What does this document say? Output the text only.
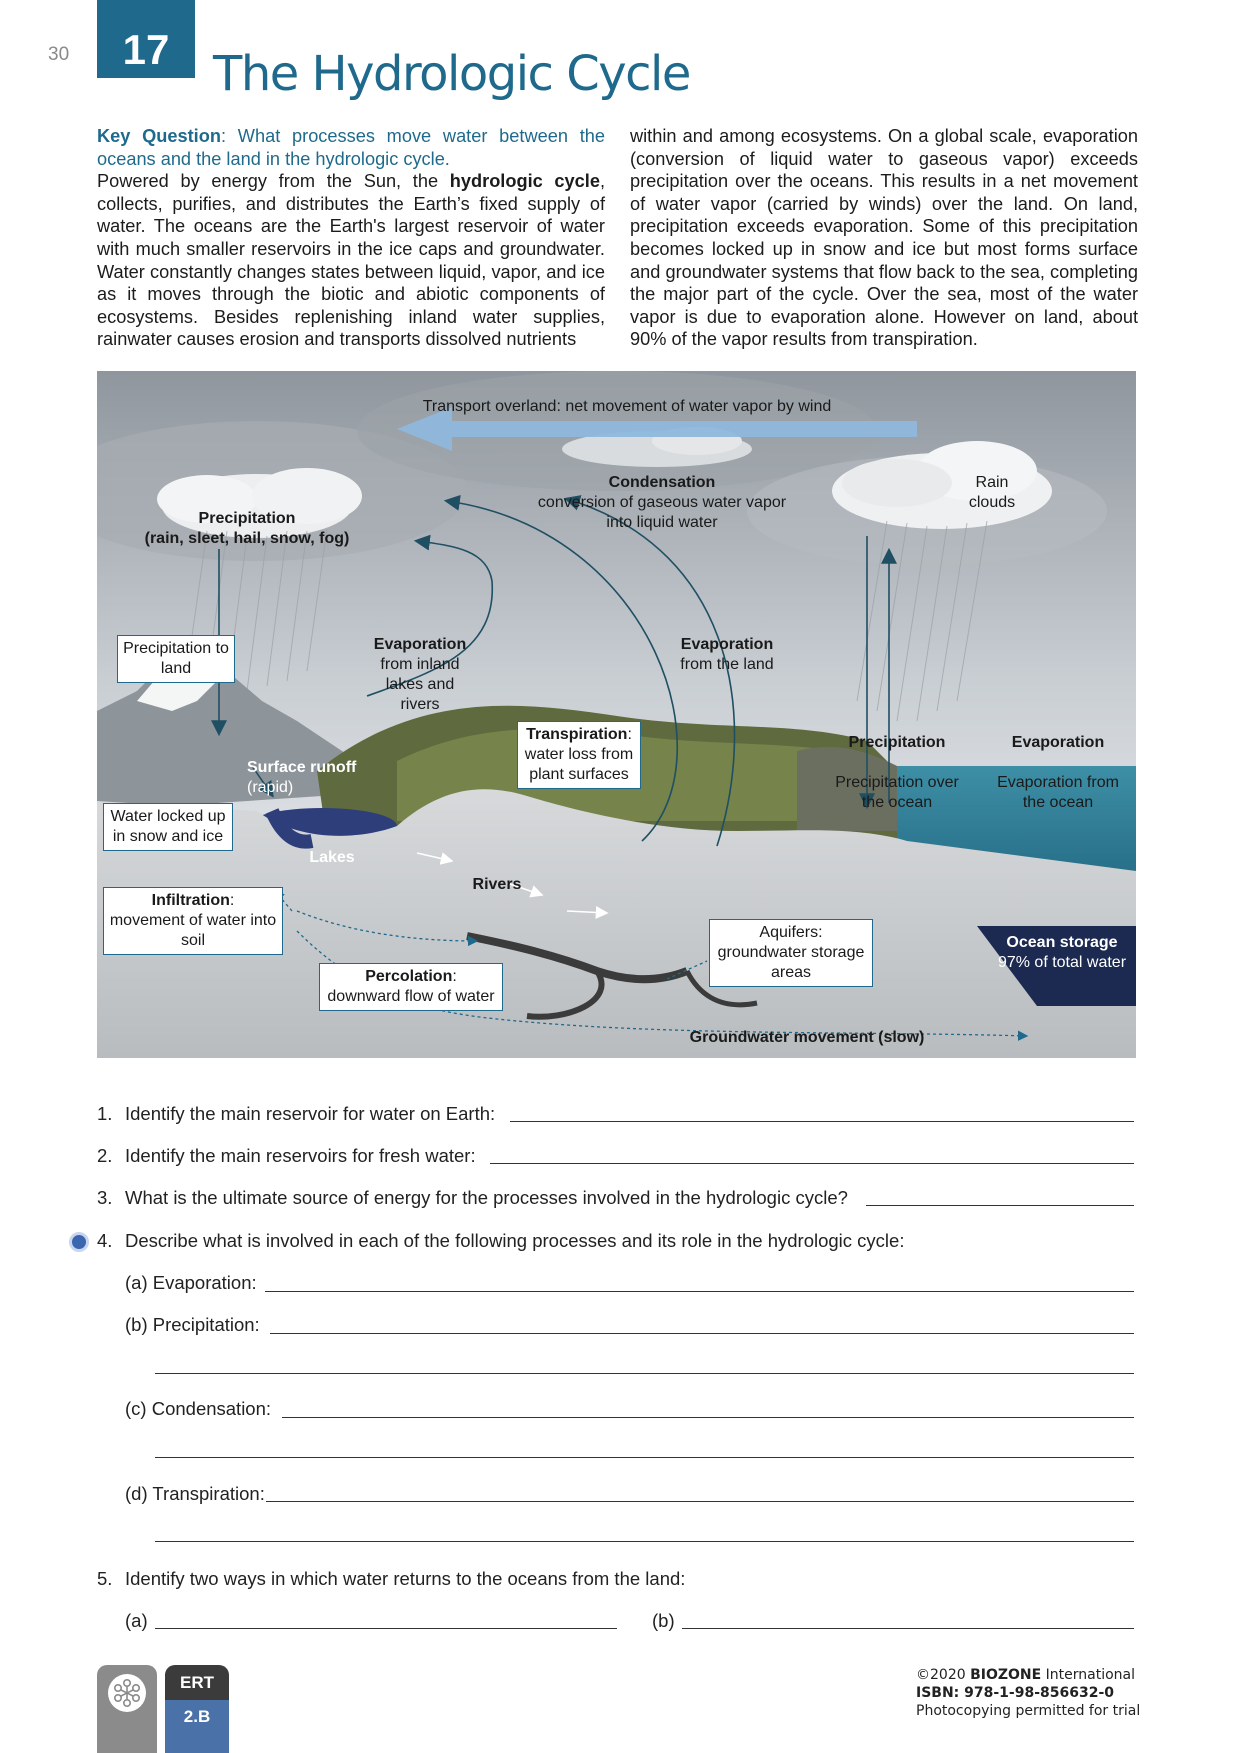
30	17 The Hydrologic Cycle
Key Question: What processes move water between the oceans and the land in the hydrologic cycle.
Powered by energy from the Sun, the hydrologic cycle, collects, purifies, and distributes the Earth’s fixed supply of water. The oceans are the Earth's largest reservoir of water with much smaller reservoirs in the ice caps and groundwater. Water constantly changes states between liquid, vapor, and ice as it moves through the biotic and abiotic components of ecosystems. Besides replenishing inland water supplies, rainwater causes erosion and transports dissolved nutrients
within and among ecosystems. On a global scale, evaporation (conversion of liquid water to gaseous vapor) exceeds precipitation over the oceans. This results in a net movement of water vapor (carried by winds) over the land. On land, precipitation exceeds evaporation. Some of this precipitation becomes locked up in snow and ice but most forms surface and groundwater systems that flow back to the sea, completing the major part of the cycle. Over the sea, most of the water vapor is due to evaporation alone. However on land, about 90% of the vapor results from transpiration.
Transport overland: net movement of water vapor by wind
Condensation
conversion of gaseous water vapor into liquid water
Rain clouds
Precipitation
(rain, sleet, hail, snow, fog)
Precipitation to land
Evaporation
from inland lakes and rivers
Evaporation
from the land
Transpiration:
water loss from plant surfaces
Precipitation

Precipitation over the ocean
Evaporation

Evaporation from the ocean
Surface runoff (rapid)
Water locked up in snow and ice
Lakes
Rivers
Infiltration:
movement of water into soil
Percolation:
downward flow of water
Aquifers:
groundwater storage areas
Ocean storage
97% of total water
Groundwater movement (slow)
1. Identify the main reservoir for water on Earth:
2. Identify the main reservoirs for fresh water:
3. What is the ultimate source of energy for the processes involved in the hydrologic cycle?
4. Describe what is involved in each of the following processes and its role in the hydrologic cycle:
(a) Evaporation:
(b) Precipitation:
(c) Condensation:
(d) Transpiration:
5. Identify two ways in which water returns to the oceans from the land:
(a)	(b)
ERT
2.B
©2020 BIOZONE International
ISBN: 978-1-98-856632-0
Photocopying permitted for trial
